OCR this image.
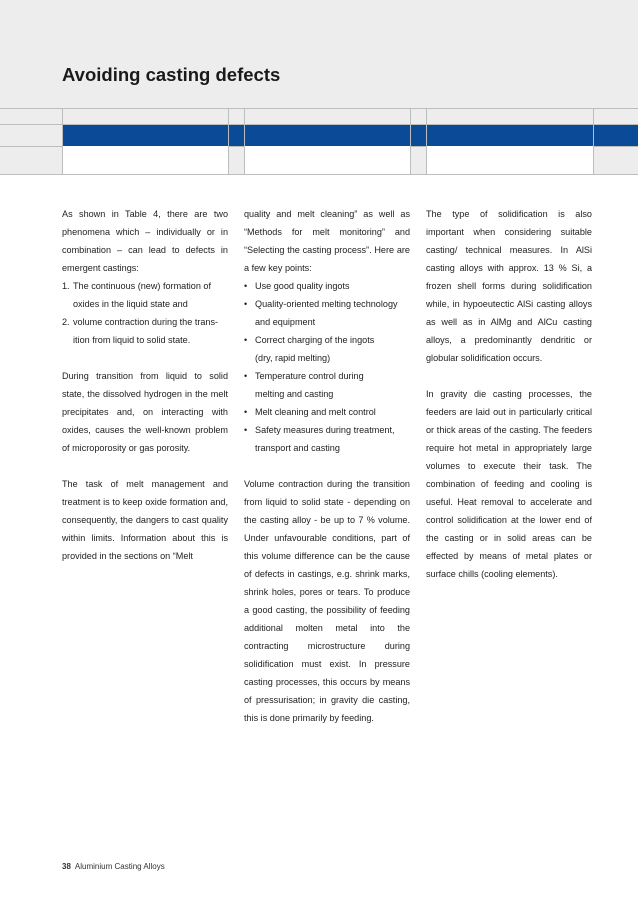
Avoiding casting defects

As shown in Table 4, there are two phenomena which – individually or in combination – can lead to defects in emergent castings:

1. The continuous (new) formation of
oxides in the liquid state and
2. volume contraction during the trans-
ition from liquid to solid state.

During transition from liquid to solid state, the dissolved hydrogen in the melt precipitates and, on interacting with oxides, causes the well-known problem of microporosity or gas porosity.

The task of melt management and treatment is to keep oxide formation and, consequently, the dangers to cast quality within limits. Information about this is provided in the sections on “Melt

quality and melt cleaning” as well as “Methods for melt monitoring” and “Selecting the casting process”. Here are a few key points:

• Use good quality ingots
• Quality-oriented melting technology
and equipment
• Correct charging of the ingots
(dry, rapid melting)
• Temperature control during
melting and casting
• Melt cleaning and melt control
• Safety measures during treatment,
transport and casting

Volume contraction during the transition from liquid to solid state - depending on the casting alloy - be up to 7 % volume. Under unfavourable conditions, part of this volume difference can be the cause of defects in castings, e.g. shrink marks, shrink holes, pores or tears. To produce a good casting, the possibility of feeding additional molten metal into the contracting microstructure during solidification must exist. In pressure casting processes, this occurs by means of pressurisation; in gravity die casting, this is done primarily by feeding.

The type of solidification is also important when considering suitable casting/ technical measures. In AlSi casting alloys with approx. 13 % Si, a frozen shell forms during solidification while, in hypoeutectic AlSi casting alloys as well as in AlMg and AlCu casting alloys, a predominantly dendritic or globular solidification occurs.

In gravity die casting processes, the feeders are laid out in particularly critical or thick areas of the casting. The feeders require hot metal in appropriately large volumes to execute their task. The combination of feeding and cooling is useful. Heat removal to accelerate and control solidification at the lower end of the casting or in solid areas can be effected by means of metal plates or surface chills (cooling elements).

38 Aluminium Casting Alloys
